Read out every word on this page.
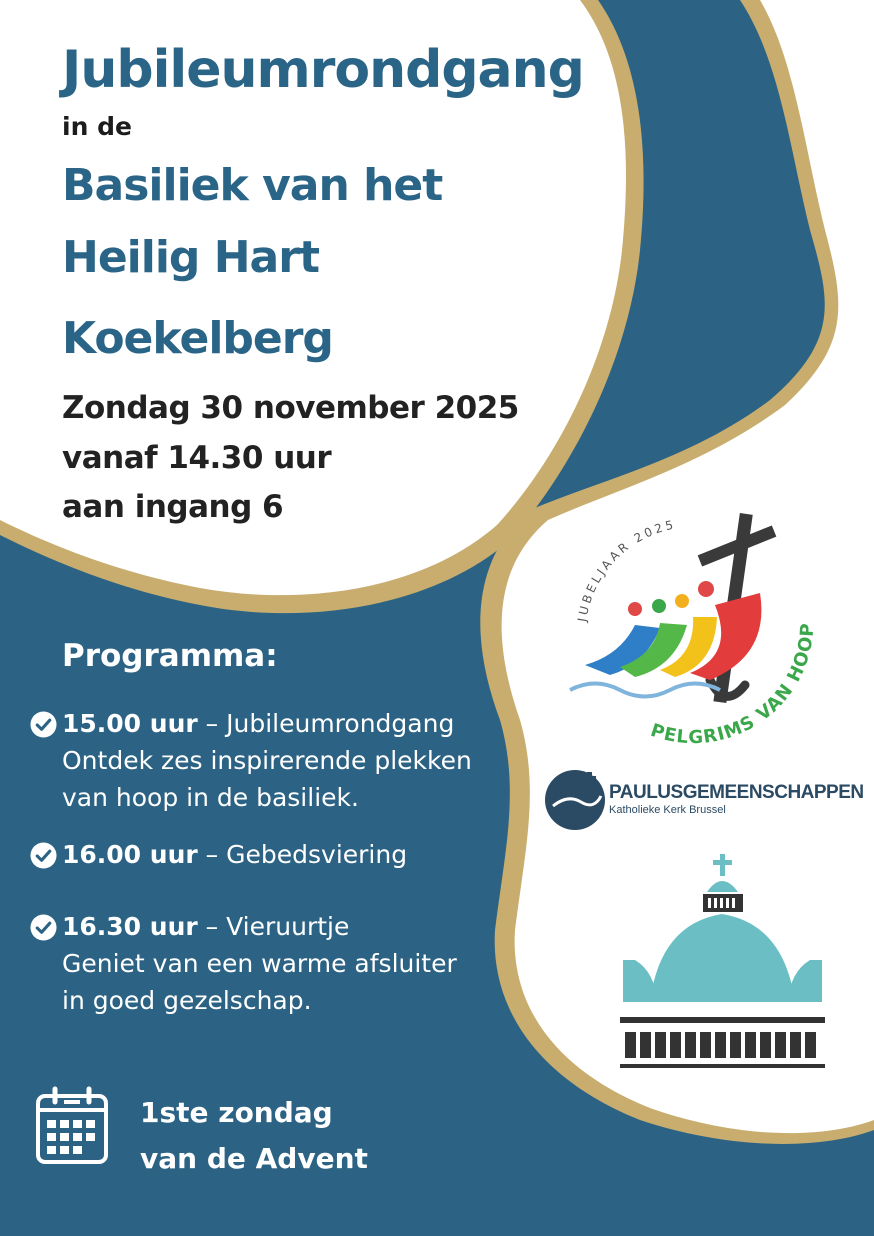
Jubileumrondgang
in de
Basiliek van het
Heilig Hart
Koekelberg
Zondag 30 november 2025
vanaf 14.30 uur
aan ingang 6
Programma:
15.00 uur – Jubileumrondgang
Ontdek zes inspirerende plekken
van hoop in de basiliek.
16.00 uur – Gebedsviering
16.30 uur – Vieruurtje
Geniet van een warme afsluiter
in goed gezelschap.
1ste zondag
van de Advent
JUBELJAAR 2025
PELGRIMS VAN HOOP
PAULUSGEMEENSCHAPPEN
Katholieke Kerk Brussel
